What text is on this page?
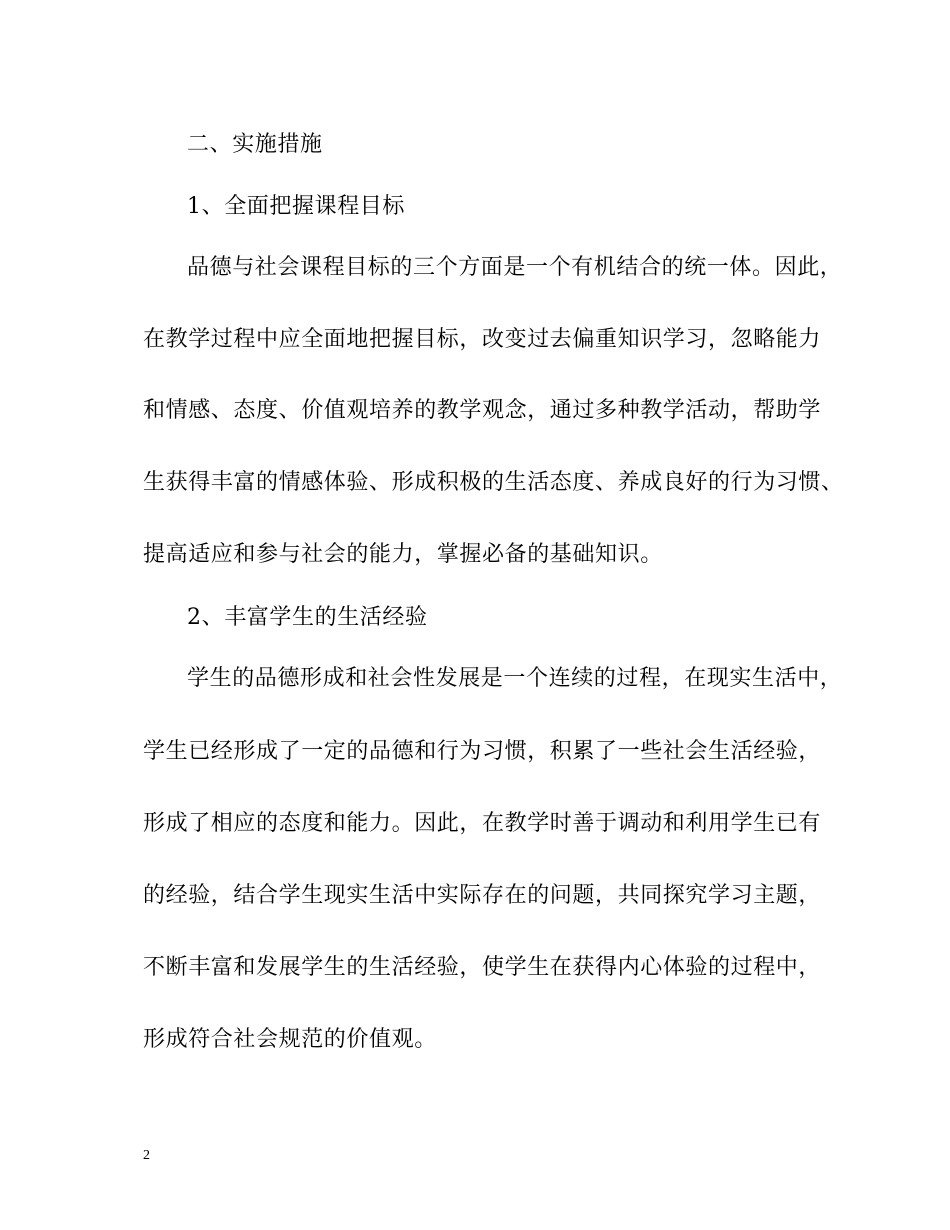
二、实施措施
1、全面把握课程目标
品德与社会课程目标的三个方面是一个有机结合的统一体。因此，
在教学过程中应全面地把握目标，改变过去偏重知识学习，忽略能力
和情感、态度、价值观培养的教学观念，通过多种教学活动，帮助学
生获得丰富的情感体验、形成积极的生活态度、养成良好的行为习惯、
提高适应和参与社会的能力，掌握必备的基础知识。
2、丰富学生的生活经验
学生的品德形成和社会性发展是一个连续的过程，在现实生活中，
学生已经形成了一定的品德和行为习惯，积累了一些社会生活经验，
形成了相应的态度和能力。因此，在教学时善于调动和利用学生已有
的经验，结合学生现实生活中实际存在的问题，共同探究学习主题，
不断丰富和发展学生的生活经验，使学生在获得内心体验的过程中，
形成符合社会规范的价值观。
2
